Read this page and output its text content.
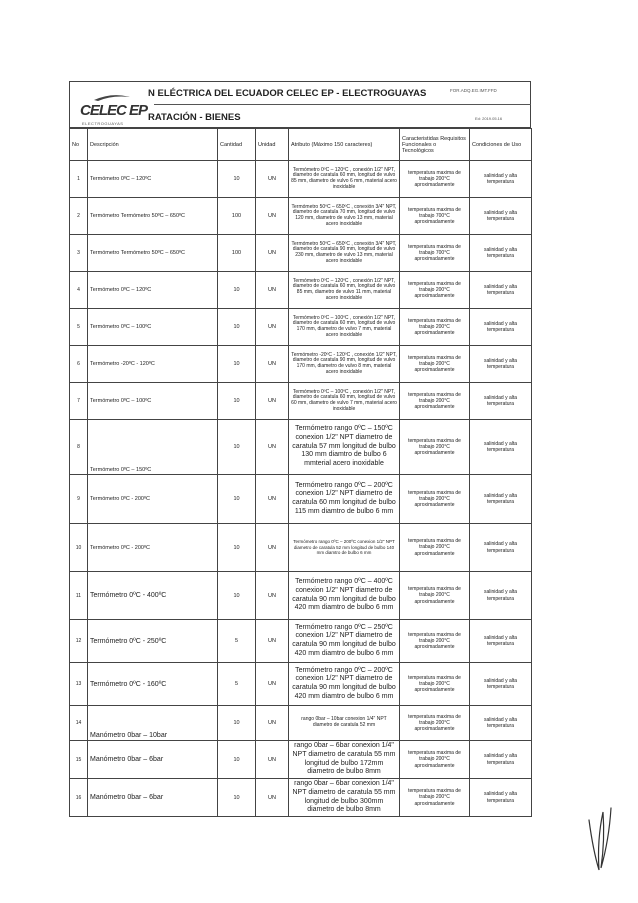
CELEC EP
ELECTROGUAYAS
N ELÉCTRICA DEL ECUADOR CELEC EP - ELECTROGUAYAS
RATACIÓN - BIENES
FOR.ADQ.EG.IMT.FFD
Ed: 2019.05.16
No	Descripción	Cantidad	Unidad	Atributo (Máximo 150 caracteres)	Caracteristidas Requisitos Funcionales o Tecnológicos	Condiciones de Uso
1	Termómetro 0ºC – 120ºC	10	UN	Termómetro 0ºC – 120ºC , conexión 1/2" NPT, diametro de caratula 60 mm, longitud de vulvo 85 mm, diametro de vulvo 6 mm, material acero inoxidable	temperatura maxima de trabajo 200°C aproximadamente	salinidad y alta temperatura
2	Termómetro Termómetro 50ºC – 650ºC	100	UN	Termómetro 50ºC – 650ºC , conexión 3/4" NPT, diametro de caratula 70 mm, longitud de vulvo 120 mm, diametro de vulvo 13 mm, material acero inoxidable	temperatura maxima de trabajo 700°C aproximadamente	salinidad y alta temperatura
3	Termómetro Termómetro 50ºC – 650ºC	100	UN	Termómetro 50ºC – 650ºC , conexión 3/4" NPT, diametro de caratula 90 mm, longitud de vulvo 230 mm, diametro de vulvo 13 mm, material acero inoxidable	temperatura maxima de trabajo 700°C aproximadamente	salinidad y alta temperatura
4	Termómetro 0ºC – 120ºC	10	UN	Termómetro 0ºC – 120ºC , conexión 1/2" NPT, diametro de caratula 60 mm, longitud de vulvo 85 mm, diametro de vulvo 11 mm, material acero inoxidable	temperatura maxima de trabajo 200°C aproximadamente	salinidad y alta temperatura
5	Termómetro 0ºC – 100ºC	10	UN	Termómetro 0ºC – 100ºC , conexión 1/2" NPT, diametro de caratula 60 mm, longitud de vulvo 170 mm, diametro de vulvo 7 mm, material acero inoxidable	temperatura maxima de trabajo 200°C aproximadamente	salinidad y alta temperatura
6	Termómetro -20ºC - 120ºC	10	UN	Termómetro -20ºC - 120ºC , conexión 1/2" NPT, diametro de caratula 90 mm, longitud de vulvo 170 mm, diametro de vulvo 8 mm, material acero inoxidable	temperatura maxima de trabajo 200°C aproximadamente	salinidad y alta temperatura
7	Termómetro 0ºC – 100ºC	10	UN	Termómetro 0ºC – 100ºC , conexión 1/2" NPT, diametro de caratula 60 mm, longitud de vulvo 60 mm, diametro de vulvo 7 mm, material acero inoxidable	temperatura maxima de trabajo 200°C aproximadamente	salinidad y alta temperatura
8	Termómetro 0ºC – 150ºC	10	UN	Termómetro rango 0ºC – 150ºC conexion 1/2" NPT diametro de caratula 57 mm longitud de bulbo 130 mm diamtro de bulbo 6 mmterial acero inoxidable	temperatura maxima de trabajo 200°C aproximadamente	salinidad y alta temperatura
9	Termómetro 0ºC - 200ºC	10	UN	Termómetro rango 0ºC – 200ºC conexion 1/2" NPT diametro de caratula 60 mm longitud de bulbo 115 mm diamtro de bulbo 6 mm	temperatura maxima de trabajo 200°C aproximadamente	salinidad y alta temperatura
10	Termómetro 0ºC - 200ºC	10	UN	Termómetro rango 0ºC – 200ºC conexion 1/2" NPT diametro de caratula 52 mm longitud de bulbo 140 mm diamtro de bulbo 6 mm	temperatura maxima de trabajo 200°C aproximadamente	salinidad y alta temperatura
11	Termómetro 0ºC - 400ºC	10	UN	Termómetro rango 0ºC – 400ºC conexion 1/2" NPT diametro de caratula 90 mm longitud de bulbo 420 mm diamtro de bulbo 6 mm	temperatura maxima de trabajo 200°C aproximadamente	salinidad y alta temperatura
12	Termómetro 0ºC - 250ºC	5	UN	Termómetro rango 0ºC – 250ºC conexion 1/2" NPT diametro de caratula 90 mm longitud de bulbo 420 mm diamtro de bulbo 6 mm	temperatura maxima de trabajo 200°C aproximadamente	salinidad y alta temperatura
13	Termómetro 0ºC - 160ºC	5	UN	Termómetro rango 0ºC – 200ºC conexion 1/2" NPT diametro de caratula 90 mm longitud de bulbo 420 mm diamtro de bulbo 6 mm	temperatura maxima de trabajo 200°C aproximadamente	salinidad y alta temperatura
14	Manómetro 0bar – 10bar	10	UN	rango 0bar – 10bar conexion 1/4" NPT diametro de caratula 52 mm	temperatura maxima de trabajo 200°C aproximadamente	salinidad y alta temperatura
15	Manómetro 0bar – 6bar	10	UN	rango 0bar – 6bar conexion 1/4" NPT diametro de caratula 55 mm longitud de bulbo 172mm diametro de bulbo 8mm	temperatura maxima de trabajo 200°C aproximadamente	salinidad y alta temperatura
16	Manómetro 0bar – 6bar	10	UN	rango 0bar – 6bar conexion 1/4" NPT diametro de caratula 55 mm longitud de bulbo 300mm diametro de bulbo 8mm	temperatura maxima de trabajo 200°C aproximadamente	salinidad y alta temperatura
